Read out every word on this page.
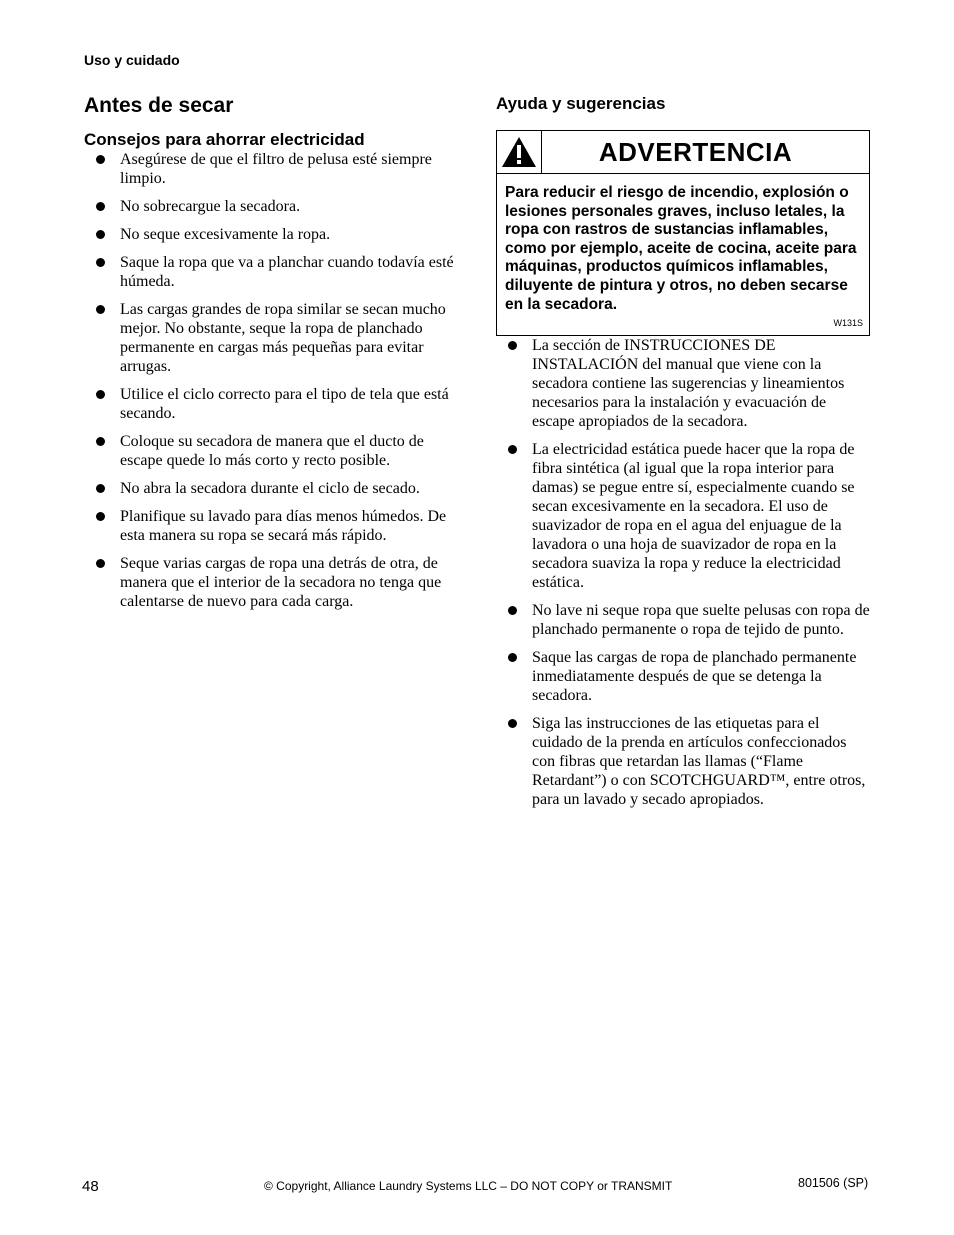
Uso y cuidado
Antes de secar
Consejos para ahorrar electricidad
Asegúrese de que el filtro de pelusa esté siempre limpio.
No sobrecargue la secadora.
No seque excesivamente la ropa.
Saque la ropa que va a planchar cuando todavía esté húmeda.
Las cargas grandes de ropa similar se secan mucho mejor. No obstante, seque la ropa de planchado permanente en cargas más pequeñas para evitar arrugas.
Utilice el ciclo correcto para el tipo de tela que está secando.
Coloque su secadora de manera que el ducto de escape quede lo más corto y recto posible.
No abra la secadora durante el ciclo de secado.
Planifique su lavado para días menos húmedos. De esta manera su ropa se secará más rápido.
Seque varias cargas de ropa una detrás de otra, de manera que el interior de la secadora no tenga que calentarse de nuevo para cada carga.
Ayuda y sugerencias
ADVERTENCIA
Para reducir el riesgo de incendio, explosión o lesiones personales graves, incluso letales, la ropa con rastros de sustancias inflamables, como por ejemplo, aceite de cocina, aceite para máquinas, productos químicos inflamables, diluyente de pintura y otros, no deben secarse en la secadora.
W131S
La sección de INSTRUCCIONES DE INSTALACIÓN del manual que viene con la secadora contiene las sugerencias y lineamientos necesarios para la instalación y evacuación de escape apropiados de la secadora.
La electricidad estática puede hacer que la ropa de fibra sintética (al igual que la ropa interior para damas) se pegue entre sí, especialmente cuando se secan excesivamente en la secadora. El uso de suavizador de ropa en el agua del enjuague de la lavadora o una hoja de suavizador de ropa en la secadora suaviza la ropa y reduce la electricidad estática.
No lave ni seque ropa que suelte pelusas con ropa de planchado permanente o ropa de tejido de punto.
Saque las cargas de ropa de planchado permanente inmediatamente después de que se detenga la secadora.
Siga las instrucciones de las etiquetas para el cuidado de la prenda en artículos confeccionados con fibras que retardan las llamas (“Flame Retardant”) o con SCOTCHGUARD™, entre otros, para un lavado y secado apropiados.
48	© Copyright, Alliance Laundry Systems LLC – DO NOT COPY or TRANSMIT	801506 (SP)
